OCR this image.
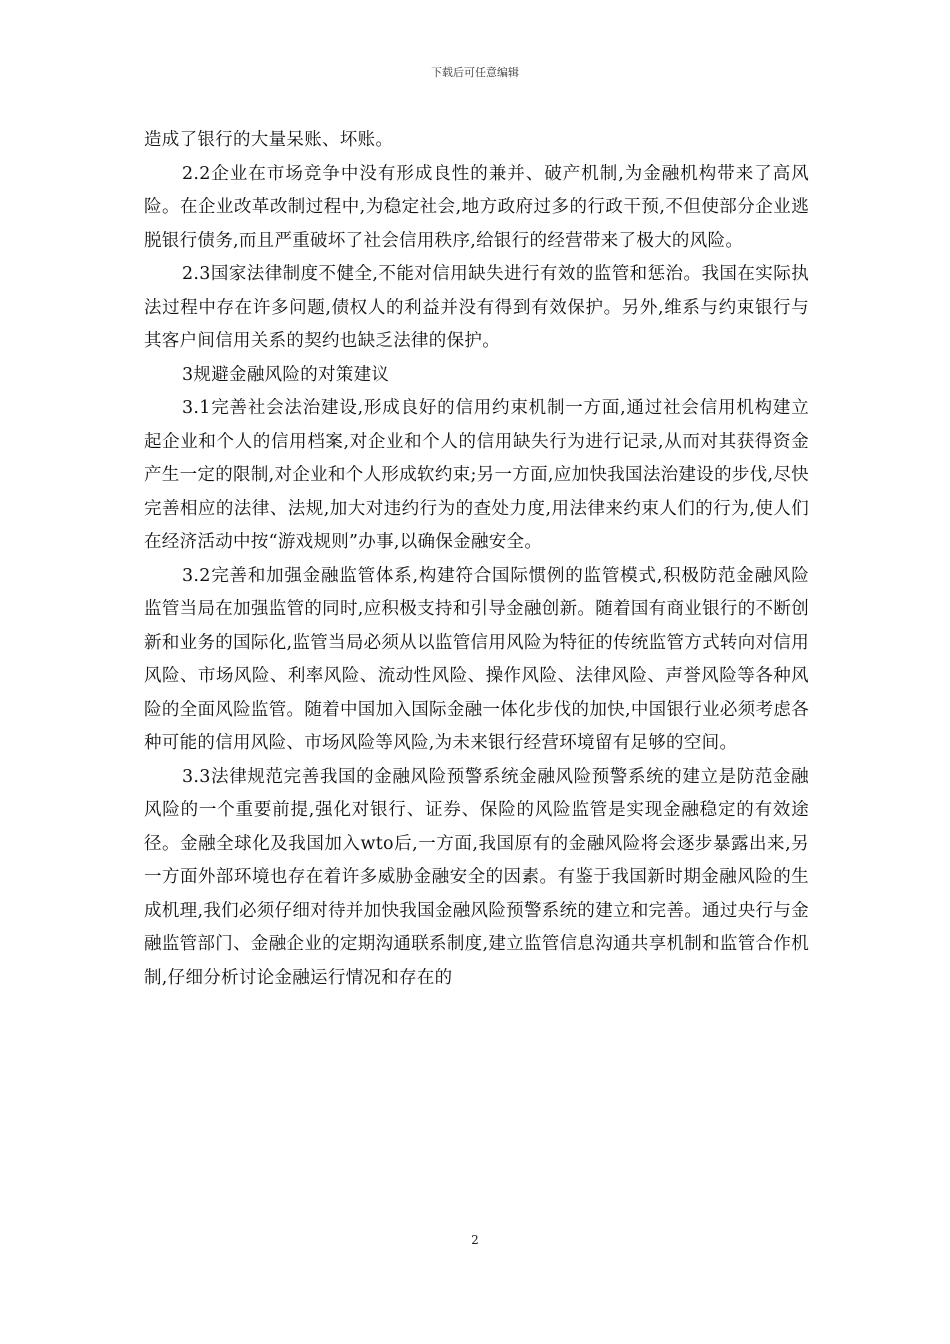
下载后可任意编辑

造成了银行的大量呆账、坏账。

2.2企业在市场竞争中没有形成良性的兼并、破产机制,为金融机构带来了高风险。在企业改革改制过程中,为稳定社会,地方政府过多的行政干预,不但使部分企业逃脱银行债务,而且严重破坏了社会信用秩序,给银行的经营带来了极大的风险。

2.3国家法律制度不健全,不能对信用缺失进行有效的监管和惩治。我国在实际执法过程中存在许多问题,债权人的利益并没有得到有效保护。另外,维系与约束银行与其客户间信用关系的契约也缺乏法律的保护。

3规避金融风险的对策建议

3.1完善社会法治建设,形成良好的信用约束机制一方面,通过社会信用机构建立起企业和个人的信用档案,对企业和个人的信用缺失行为进行记录,从而对其获得资金产生一定的限制,对企业和个人形成软约束;另一方面,应加快我国法治建设的步伐,尽快完善相应的法律、法规,加大对违约行为的查处力度,用法律来约束人们的行为,使人们在经济活动中按“游戏规则”办事,以确保金融安全。

3.2完善和加强金融监管体系,构建符合国际惯例的监管模式,积极防范金融风险监管当局在加强监管的同时,应积极支持和引导金融创新。随着国有商业银行的不断创新和业务的国际化,监管当局必须从以监管信用风险为特征的传统监管方式转向对信用风险、市场风险、利率风险、流动性风险、操作风险、法律风险、声誉风险等各种风险的全面风险监管。随着中国加入国际金融一体化步伐的加快,中国银行业必须考虑各种可能的信用风险、市场风险等风险,为未来银行经营环境留有足够的空间。

3.3法律规范完善我国的金融风险预警系统金融风险预警系统的建立是防范金融风险的一个重要前提,强化对银行、证券、保险的风险监管是实现金融稳定的有效途径。金融全球化及我国加入wto后,一方面,我国原有的金融风险将会逐步暴露出来,另一方面外部环境也存在着许多威胁金融安全的因素。有鉴于我国新时期金融风险的生成机理,我们必须仔细对待并加快我国金融风险预警系统的建立和完善。通过央行与金融监管部门、金融企业的定期沟通联系制度,建立监管信息沟通共享机制和监管合作机制,仔细分析讨论金融运行情况和存在的

2
